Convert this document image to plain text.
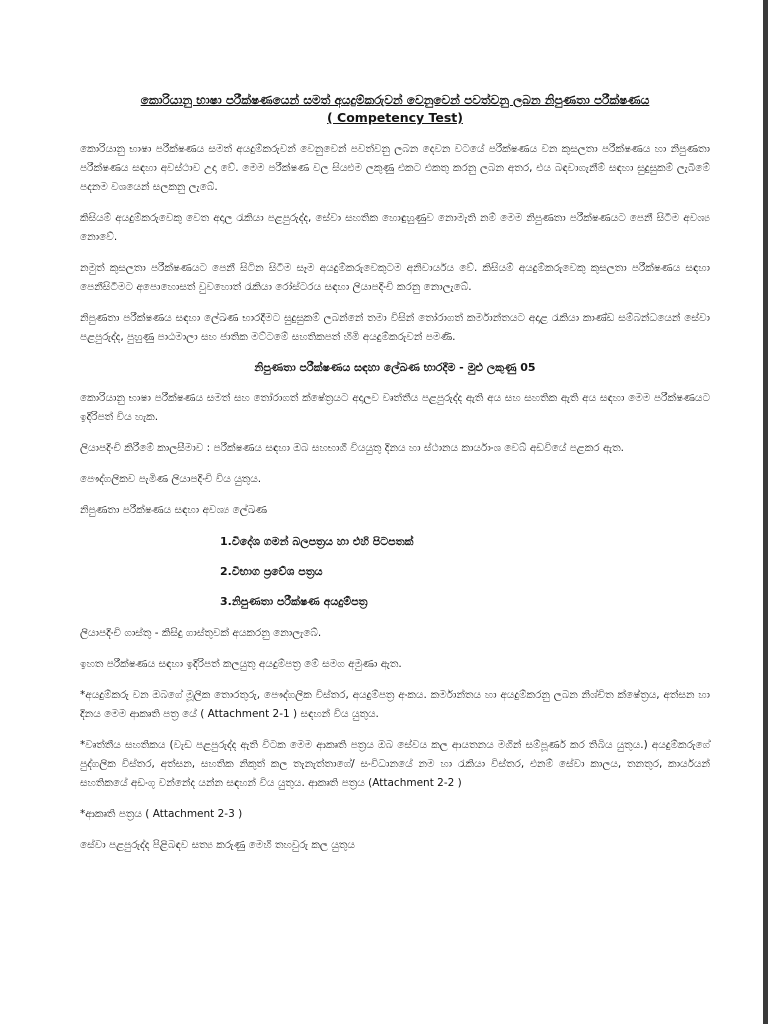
කොරියානු භාෂා පරීක්ෂණයෙන් සමත් අයදුම්කරුවන් වෙනුවෙන් පවත්වනු ලබන නිපුණතා පරීක්ෂණය

( Competency Test)

කොරියානු භාෂා පරීක්ෂණය සමත් අයදුම්කරුවන් වෙනුවෙන් පවත්වනු ලබන දෙවන වටයේ පරීක්ෂණය වන කුසලතා පරීක්ෂණය හා නිපුණතා පරීක්ෂණය සඳහා අවස්ථාව උදා වේ. මෙම පරීක්ෂණ වල සියළුම ලකුණු එකට එකතු කරනු ලබන අතර, එය බඳවාගැනීම් සඳහා සුදුසුකම් ලැබීමේ පදනම වශයෙන් සලකනු ලැබේ.

කිසියම් අයදුම්කරුවෙකු වෙත අදාල රැකියා පළපුරුද්ද, සේවා සහතික හොඳුහුණුව නොමැති නම් මෙම නිපුණතා පරීක්ෂණයට පෙනී සිටීම අවශ්‍ය නොවේ.

නමුත් කුසලතා පරීක්ෂණයට පෙනී සිටින සිටීම සෑම අයදුම්කරුවෙකුටම අනිවාර්යය වේ. කිසියම් අයදුම්කරුවෙකු කුසලතා පරීක්ෂණය සඳහා පෙනීසිටීමට අපොහොසත් වුවහොත් රැකියා රෝස්ටරය සඳහා ලියාපදිංචි කරනු නොලැබේ.

නිපුණතා පරීක්ෂණය සඳහා ලේඛණ භාරදීමට සුදුසුකම් ලබන්නේ තමා විසින් තෝරාගත් කර්මාන්තයට අදාළ රැකියා කාණ්ඩ සම්බන්ධයෙන් සේවා පළපුරුද්ද, පුහුණු පාඨමාලා සහ ජාතික මට්ටමේ සහතිකපත් හිමි අයදුම්කරුවන් පමණි.

නිපුණතා පරීක්ෂණය සඳහා ලේඛණ භාරදීම - මුළු ලකුණු 05

කොරියානු භාෂා පරීක්ෂණය සමත් සහ තෝරාගත් ක්ෂේත්‍රයට අදාලව වෘත්තීය පළපුරුද්ද ඇති අය සහ සහතික ඇති අය සඳහා මෙම පරීක්ෂණයට ඉදිරිපත් විය හැක.

ලියාපදිංචි කිරීමේ කාලසීමාව : පරීක්ෂණය සඳහා ඔබ සහභාගී වියයුතු දිනය හා ස්ථානය කාර්යාංශ වෙබ් අඩවියේ පළකර ඇත.

පෞද්ගලිකව පැමිණ ලියාපදිංචි විය යුතුය.

නිපුණතා පරීක්ෂණය සඳහා අවශ්‍ය ලේඛණ

1.විදේශ ගමන් බලපත්‍රය හා එහි පිටපතක්
2.විභාග ප්‍රවේශ පත්‍රය
3.නිපුණතා පරීක්ෂණ අයදුම්පත්‍ර

ලියාපදිංචි ගාස්තු - කිසිදු ගාස්තුවක් අයකරනු නොලැබේ.

ඉහත පරීක්ෂණය සඳහා ඉදිරිපත් කලයුතු අයදුම්පත්‍ර මේ සමග අමුණා ඇත.

*අයදුම්කරු වන ඔබගේ මූලික තොරතුරු, පෞද්ගලික විස්තර, අයදුම්පත්‍ර අංකය. කර්මාන්තය හා අයදුම්කරනු ලබන නිශ්චිත ක්ෂේත්‍රය, අත්සන හා දිනය මෙම ආකෘති පත්‍ර යේ ( Attachment 2-1 ) සඳහන් විය යුතුය.

*වෘත්තීය සහතිකය (වැඩ පළපුරුද්ද ඇති විටක මෙම ආකෘති පත්‍රය ඔබ සේවය කල ආයතනය මගින් සම්පූර්ණ කර තිබිය යුතුය.) අයදුම්කරුගේ පුද්ගලික විස්තර, අත්සන, සහතික නිකුත් කල තැනැත්තාගේ/ සංවිධානයේ නම හා රැකියා විස්තර, එනම් සේවා කාලය, තනතුර, කාර්යයන් සහතිකයේ අඩංගු වන්නේද යන්න සඳහන් විය යුතුය. ආකෘති පත්‍රය (Attachment 2-2 )

*ආකෘති පත්‍රය ( Attachment 2-3 )

සේවා පළපුරුද්ද පිළිබඳව සත්‍ය කරුණු මෙහි තහවුරු කල යුතුය
